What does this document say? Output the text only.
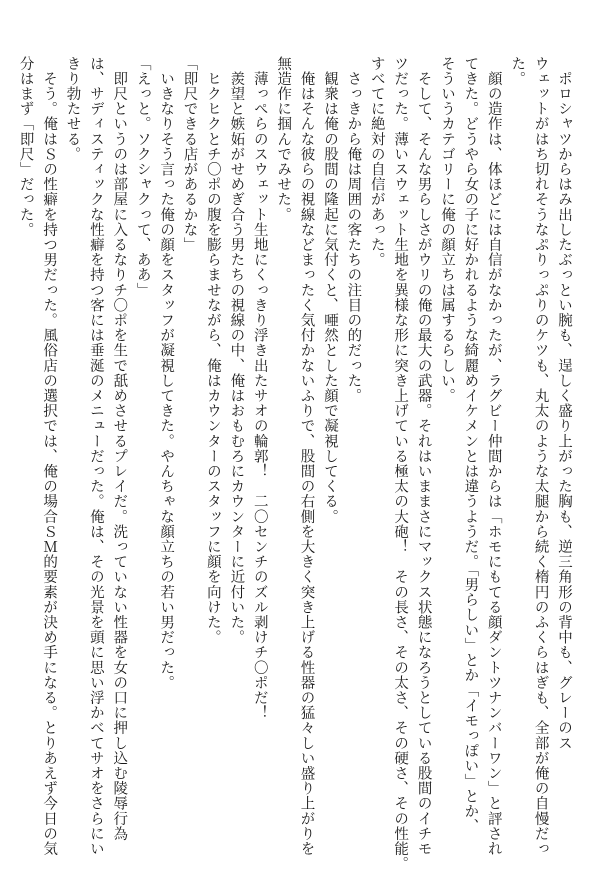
　ポロシャツからはみ出したぶっとい腕も、逞しく盛り上がった胸も、逆三角形の背中も、グレーのス

ウェットがはち切れそうなぷりっぷりのケツも、丸太のような太腿から続く楕円のふくらはぎも、全部が俺の自慢だっ

た。

　顔の造作は、体ほどには自信がなかったが、ラグビー仲間からは「ホモにもてる顔ダントツナンバーワン」と評され

てきた。どうやら女の子に好かれるような綺麗めイケメンとは違うようだ。「男らしい」とか「イモっぽい」とか、

そういうカテゴリーに俺の顔立ちは属するらしい。

　そして、そんな男らしさがウリの俺の最大の武器。それはいままさにマックス状態になろうとしている股間のイチモ

ツだった。薄いスウェット生地を異様な形に突き上げている極太の大砲！　その長さ、その太さ、その硬さ、その性能。

すべてに絶対の自信があった。

　さっきから俺は周囲の客たちの注目の的だった。

　観衆は俺の股間の隆起に気付くと、唖然とした顔で凝視してくる。

　俺はそんな彼らの視線などまったく気付かないふりで、股間の右側を大きく突き上げる性器の猛々しい盛り上がりを

無造作に掴んでみせた。

　薄っぺらのスウェット生地にくっきり浮き出たサオの輪郭！　二〇センチのズル剥けチ〇ポだ！

　羨望と嫉妬がせめぎ合う男たちの視線の中、俺はおもむろにカウンターに近付いた。

　ヒクヒクとチ〇ポの腹を膨らませながら、俺はカウンターのスタッフに顔を向けた。

「即尺できる店があるかな」

　いきなりそう言った俺の顔をスタッフが凝視してきた。やんちゃな顔立ちの若い男だった。

「えっと。ソクシャクって、ああ」

　即尺というのは部屋に入るなりチ〇ポを生で舐めさせるプレイだ。洗っていない性器を女の口に押し込む陵辱行為

は、サディスティックな性癖を持つ客には垂涎のメニューだった。俺は、その光景を頭に思い浮かべてサオをさらにい

きり勃たせる。

　そう。俺はＳの性癖を持つ男だった。風俗店の選択では、俺の場合ＳＭ的要素が決め手になる。とりあえず今日の気

分はまず「即尺」だった。
